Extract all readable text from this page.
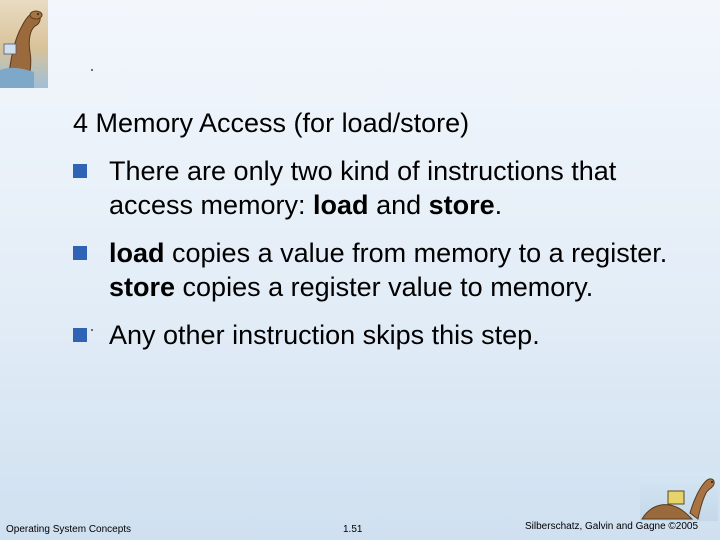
4 Memory Access (for load/store)
There are only two kind of instructions that access memory: load and store.
load copies a value from memory to a register. store copies a register value to memory.
Any other instruction skips this step.
Operating System Concepts	1.51	Silberschatz, Galvin and Gagne ©2005
